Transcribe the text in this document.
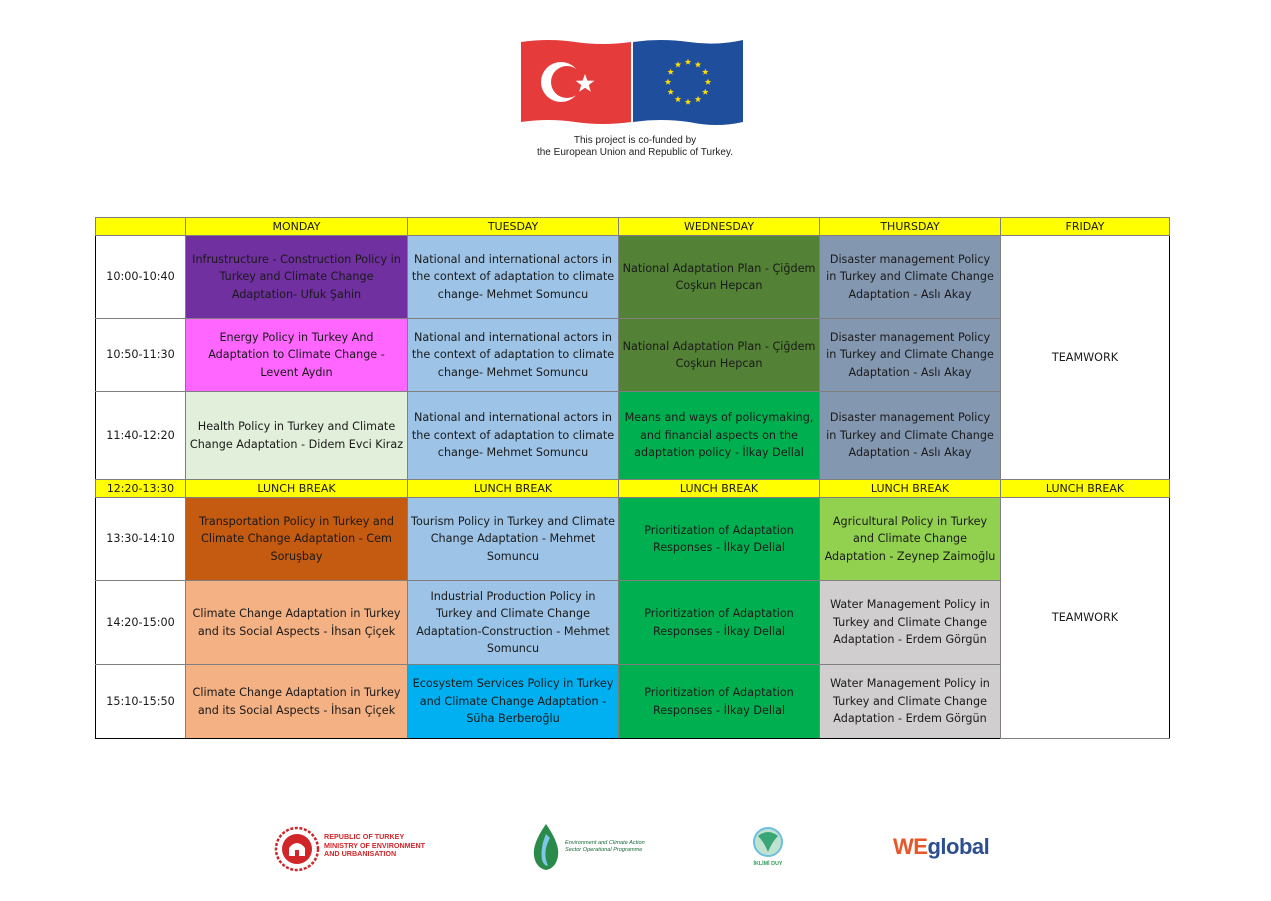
This project is co-funded by
the European Union and Republic of Turkey.
	MONDAY	TUESDAY	WEDNESDAY	THURSDAY	FRIDAY
10:00-10:40	Infrustructure - Construction Policy in Turkey and Climate Change Adaptation- Ufuk Şahin	National and international actors in the context of adaptation to climate change- Mehmet Somuncu	National Adaptation Plan - Çiğdem Coşkun Hepcan	Disaster management Policy in Turkey and Climate Change Adaptation - Aslı Akay	TEAMWORK
10:50-11:30	Energy Policy in Turkey And Adaptation to Climate Change - Levent Aydın	National and international actors in the context of adaptation to climate change- Mehmet Somuncu	National Adaptation Plan - Çiğdem Coşkun Hepcan	Disaster management Policy in Turkey and Climate Change Adaptation - Aslı Akay	
11:40-12:20	Health Policy in Turkey and Climate Change Adaptation - Didem Evci Kiraz	National and international actors in the context of adaptation to climate change- Mehmet Somuncu	Means and ways of policymaking, and financial aspects on the adaptation policy - İlkay Dellal	Disaster management Policy in Turkey and Climate Change Adaptation - Aslı Akay	
12:20-13:30	LUNCH BREAK	LUNCH BREAK	LUNCH BREAK	LUNCH BREAK	LUNCH BREAK
13:30-14:10	Transportation Policy in Turkey and Climate Change Adaptation - Cem Soruşbay	Tourism Policy in Turkey and Climate Change Adaptation - Mehmet Somuncu	Prioritization of Adaptation Responses - İlkay Dellal	Agricultural Policy in Turkey and Climate Change Adaptation - Zeynep Zaimoğlu	TEAMWORK
14:20-15:00	Climate Change Adaptation in Turkey and its Social Aspects - İhsan Çiçek	Industrial Production Policy in Turkey and Climate Change Adaptation-Construction - Mehmet Somuncu	Prioritization of Adaptation Responses - İlkay Dellal	Water Management Policy in Turkey and Climate Change Adaptation - Erdem Görgün	
15:10-15:50	Climate Change Adaptation in Turkey and its Social Aspects - İhsan Çiçek	Ecosystem Services Policy in Turkey and Climate Change Adaptation - Süha Berberoğlu	Prioritization of Adaptation Responses - İlkay Dellal	Water Management Policy in Turkey and Climate Change Adaptation - Erdem Görgün	
REPUBLIC OF TURKEY
MINISTRY OF ENVIRONMENT
AND URBANISATION
Environment and Climate Action
Sector Operational Programme
İKLİMİ DUY
WEglobal
